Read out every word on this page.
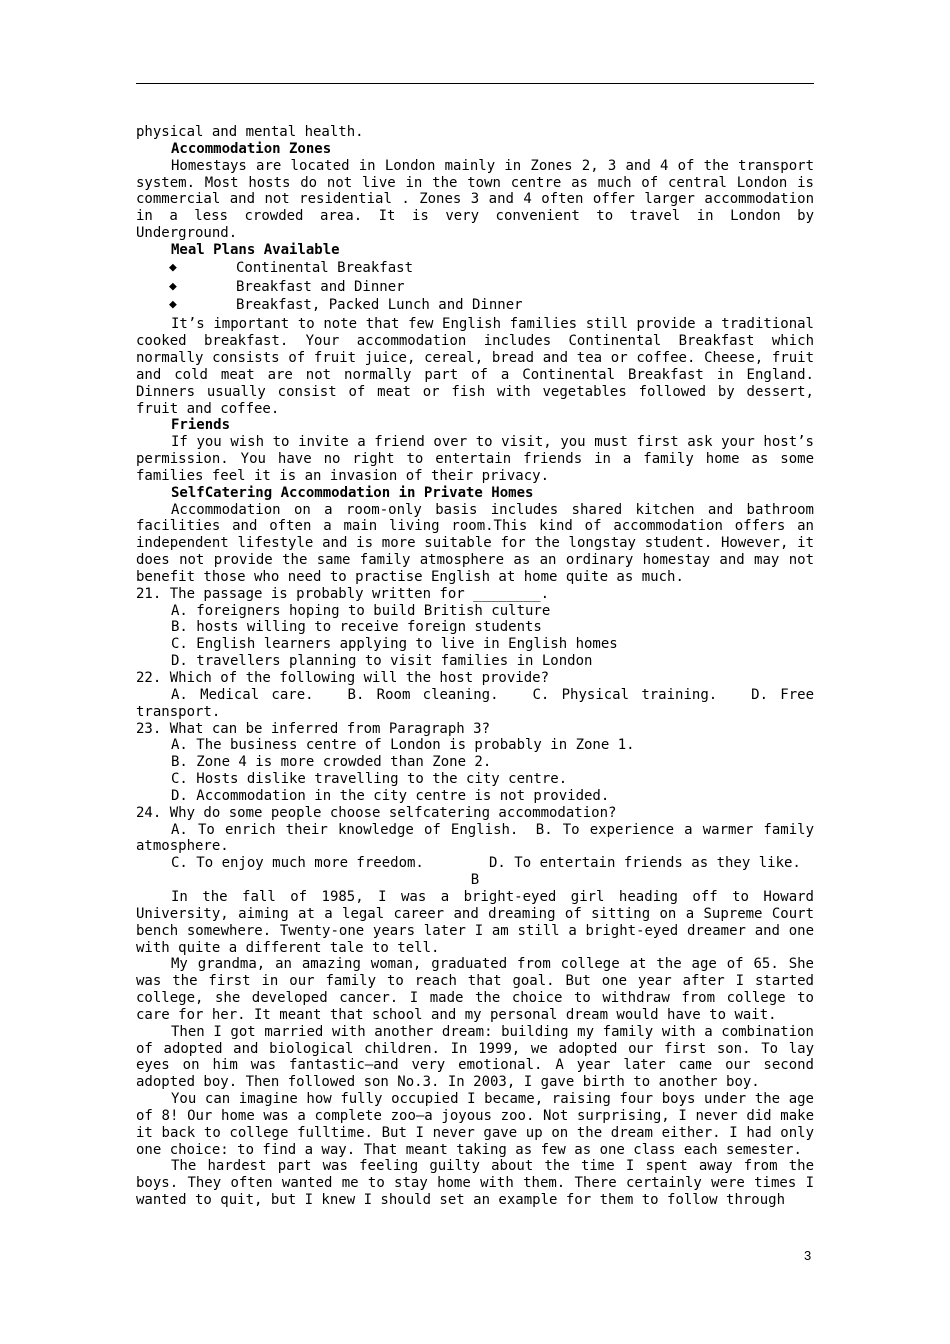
physical and mental health.

Accommodation Zones

Homestays are located in London mainly in Zones 2, 3 and 4 of the transport system. Most hosts do not live in the town centre as much of central London is commercial and not residential . Zones 3 and 4 often offer larger accommodation in a less crowded area. It is very convenient to travel in London by Underground.

Meal Plans Available

◆	Continental Breakfast
◆	Breakfast and Dinner
◆	Breakfast, Packed Lunch and Dinner

It’s important to note that few English families still provide a traditional cooked breakfast. Your accommodation includes Continental Breakfast which normally consists of fruit juice, cereal, bread and tea or coffee. Cheese, fruit and cold meat are not normally part of a Continental Breakfast in England. Dinners usually consist of meat or fish with vegetables followed by dessert, fruit and coffee.

Friends

If you wish to invite a friend over to visit, you must first ask your host’s permission. You have no right to entertain friends in a family home as some families feel it is an invasion of their privacy.

SelfCatering Accommodation in Private Homes

Accommodation on a room-only basis includes shared kitchen and bathroom facilities and often a main living room.This kind of accommodation offers an independent lifestyle and is more suitable for the longstay student. However, it does not provide the same family atmosphere as an ordinary homestay and may not benefit those who need to practise English at home quite as much.

21. The passage is probably written for ________.

A. foreigners hoping to build British culture

B. hosts willing to receive foreign students

C. English learners applying to live in English homes

D. travellers planning to visit families in London

22. Which of the following will the host provide?

A. Medical care.　 B. Room cleaning.　 C. Physical training.　 D. Free transport.

23. What can be inferred from Paragraph 3?

A. The business centre of London is probably in Zone 1.

B. Zone 4 is more crowded than Zone 2.

C. Hosts dislike travelling to the city centre.

D. Accommodation in the city centre is not provided.

24. Why do some people choose selfcatering accommodation?

A. To enrich their knowledge of English.　B. To experience a warmer family atmosphere.

C. To enjoy much more freedom.	D. To entertain friends as they like.

B

In the fall of 1985, I was a bright-eyed girl heading off to Howard University, aiming at a legal career and dreaming of sitting on a Supreme Court bench somewhere. Twenty-one years later I am still a bright-eyed dreamer and one with quite a different tale to tell.

My grandma, an amazing woman, graduated from college at the age of 65. She was the first in our family to reach that goal. But one year after I started college, she developed cancer. I made the choice to withdraw from college to care for her. It meant that school and my personal dream would have to wait.

Then I got married with another dream: building my family with a combination of adopted and biological children. In 1999, we adopted our first son. To lay eyes on him was fantastic—and very emotional. A year later came our second adopted boy. Then followed son No.3. In 2003, I gave birth to another boy.

You can imagine how fully occupied I became, raising four boys under the age of 8! Our home was a complete zoo—a joyous zoo. Not surprising, I never did make it back to college fulltime. But I never gave up on the dream either. I had only one choice: to find a way. That meant taking as few as one class each semester.

The hardest part was feeling guilty about the time I spent away from the boys. They often wanted me to stay home with them. There certainly were times I wanted to quit, but I knew I should set an example for them to follow through

3
